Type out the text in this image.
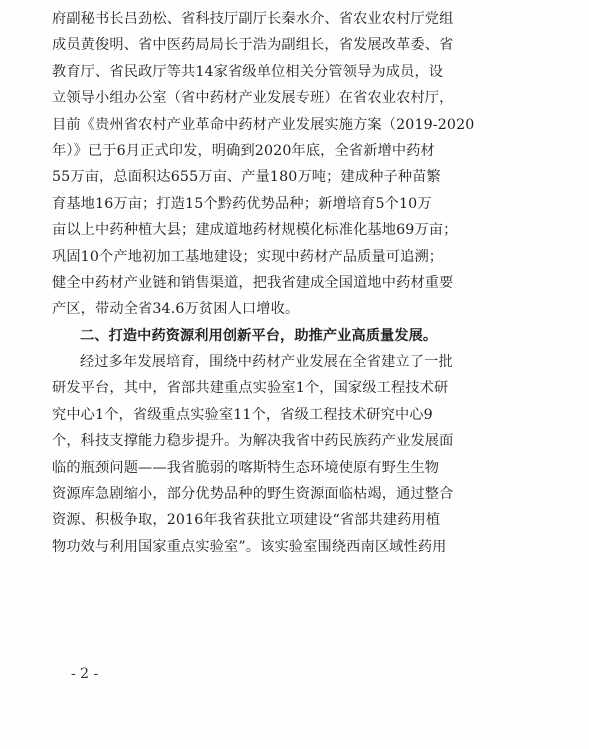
府副秘书长吕劲松、省科技厅副厅长秦水介、省农业农村厅党组
成员黄俊明、省中医药局局长于浩为副组长，省发展改革委、省
教育厅、省民政厅等共14家省级单位相关分管领导为成员，设
立领导小组办公室（省中药材产业发展专班）在省农业农村厅，
目前《贵州省农村产业革命中药材产业发展实施方案（2019-2020
年）》已于6月正式印发，明确到2020年底，全省新增中药材
55万亩，总面积达655万亩、产量180万吨；建成种子种苗繁
育基地16万亩；打造15个黔药优势品种；新增培育5个10万
亩以上中药种植大县；建成道地药材规模化标准化基地69万亩；
巩固10个产地初加工基地建设；实现中药材产品质量可追溯；
健全中药材产业链和销售渠道，把我省建成全国道地中药材重要
产区，带动全省34.6万贫困人口增收。
二、打造中药资源利用创新平台，助推产业高质量发展。
经过多年发展培育，围绕中药材产业发展在全省建立了一批
研发平台，其中，省部共建重点实验室1个，国家级工程技术研
究中心1个，省级重点实验室11个，省级工程技术研究中心9
个，科技支撑能力稳步提升。为解决我省中药民族药产业发展面
临的瓶颈问题——我省脆弱的喀斯特生态环境使原有野生生物
资源库急剧缩小，部分优势品种的野生资源面临枯竭，通过整合
资源、积极争取，2016年我省获批立项建设“省部共建药用植
物功效与利用国家重点实验室”。该实验室围绕西南区域性药用
- 2 -
